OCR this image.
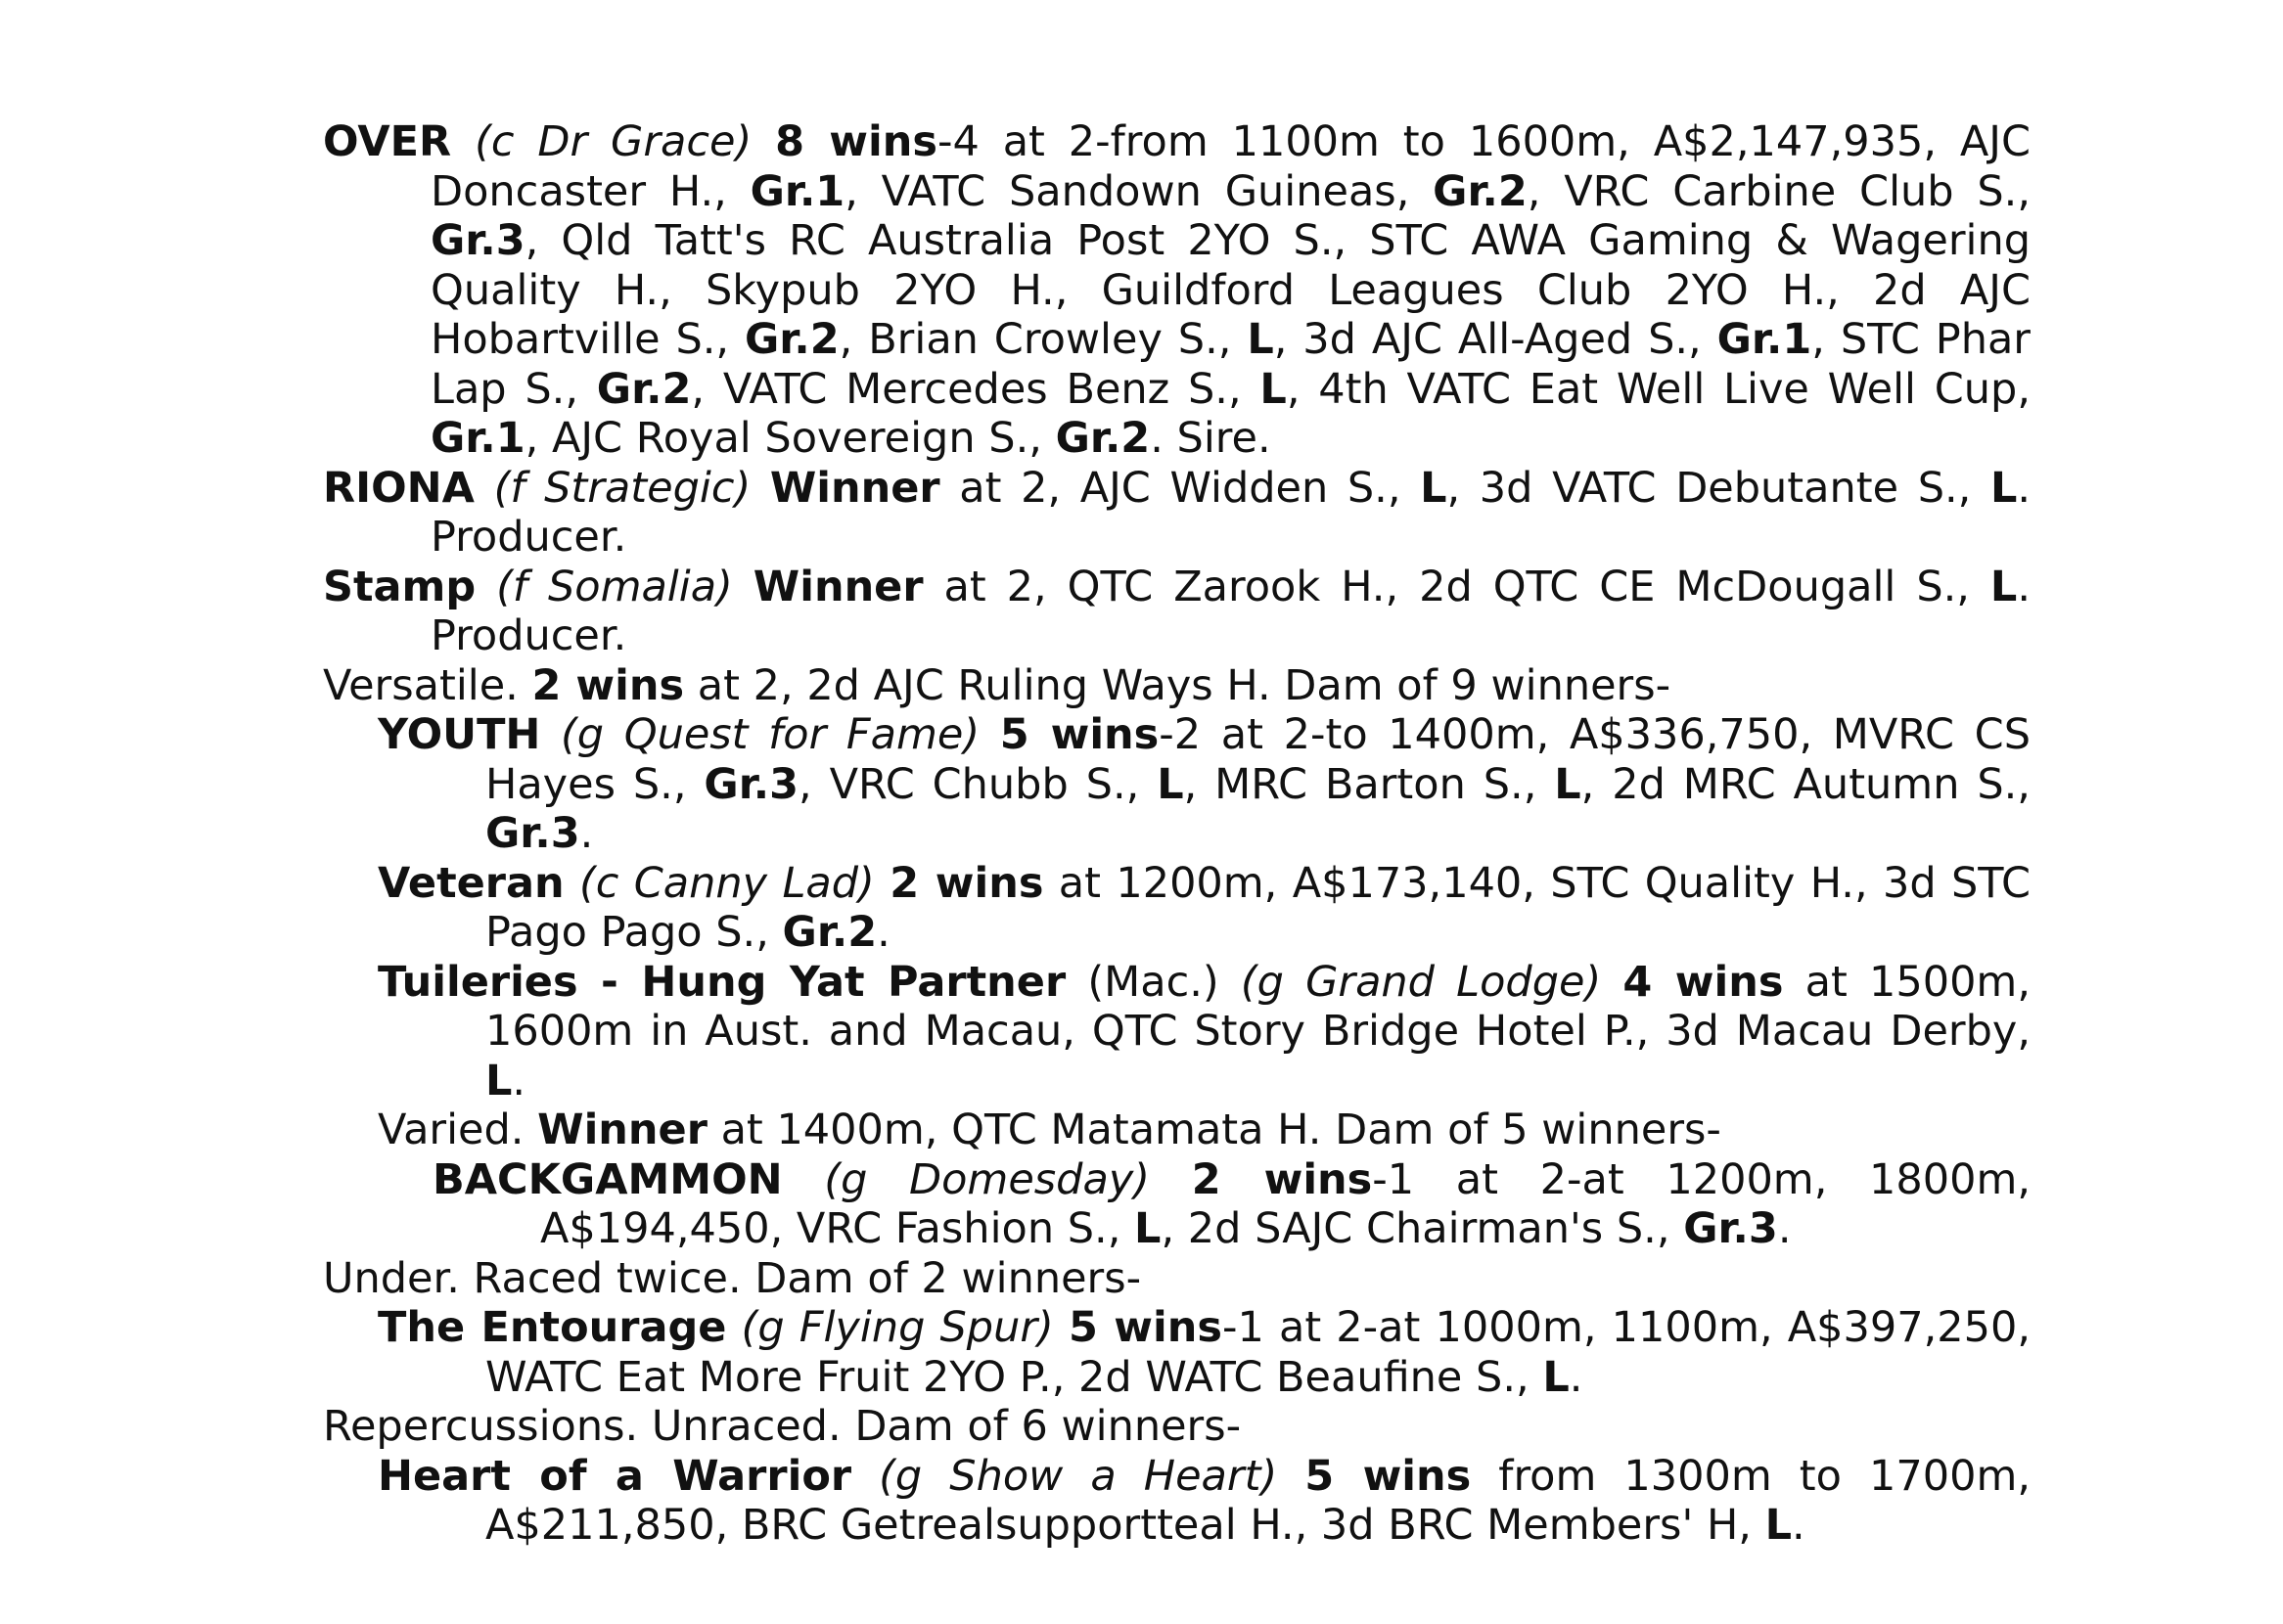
OVER (c Dr Grace) 8 wins-4 at 2-from 1100m to 1600m, A$2,147,935, AJC Doncaster H., Gr.1, VATC Sandown Guineas, Gr.2, VRC Carbine Club S., Gr.3, Qld Tatt's RC Australia Post 2YO S., STC AWA Gaming & Wagering Quality H., Skypub 2YO H., Guildford Leagues Club 2YO H., 2d AJC Hobartville S., Gr.2, Brian Crowley S., L, 3d AJC All-Aged S., Gr.1, STC Phar Lap S., Gr.2, VATC Mercedes Benz S., L, 4th VATC Eat Well Live Well Cup, Gr.1, AJC Royal Sovereign S., Gr.2. Sire.

RIONA (f Strategic) Winner at 2, AJC Widden S., L, 3d VATC Debutante S., L. Producer.

Stamp (f Somalia) Winner at 2, QTC Zarook H., 2d QTC CE McDougall S., L. Producer.

Versatile. 2 wins at 2, 2d AJC Ruling Ways H. Dam of 9 winners-

YOUTH (g Quest for Fame) 5 wins-2 at 2-to 1400m, A$336,750, MVRC CS Hayes S., Gr.3, VRC Chubb S., L, MRC Barton S., L, 2d MRC Autumn S., Gr.3.

Veteran (c Canny Lad) 2 wins at 1200m, A$173,140, STC Quality H., 3d STC Pago Pago S., Gr.2.

Tuileries - Hung Yat Partner (Mac.) (g Grand Lodge) 4 wins at 1500m, 1600m in Aust. and Macau, QTC Story Bridge Hotel P., 3d Macau Derby, L.

Varied. Winner at 1400m, QTC Matamata H. Dam of 5 winners-

BACKGAMMON (g Domesday) 2 wins-1 at 2-at 1200m, 1800m, A$194,450, VRC Fashion S., L, 2d SAJC Chairman's S., Gr.3.

Under. Raced twice. Dam of 2 winners-

The Entourage (g Flying Spur) 5 wins-1 at 2-at 1000m, 1100m, A$397,250, WATC Eat More Fruit 2YO P., 2d WATC Beaufine S., L.

Repercussions. Unraced. Dam of 6 winners-

Heart of a Warrior (g Show a Heart) 5 wins from 1300m to 1700m, A$211,850, BRC Getrealsupportteal H., 3d BRC Members' H, L.
